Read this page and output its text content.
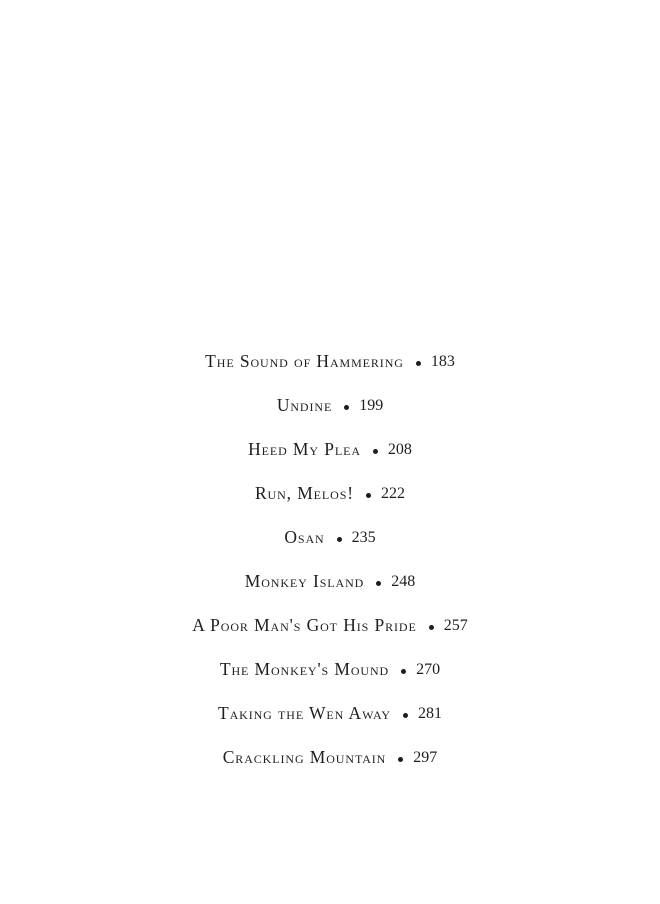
The Sound of Hammering 183
Undine 199
Heed My Plea 208
Run, Melos! 222
Osan 235
Monkey Island 248
A Poor Man's Got His Pride 257
The Monkey's Mound 270
Taking the Wen Away 281
Crackling Mountain 297
